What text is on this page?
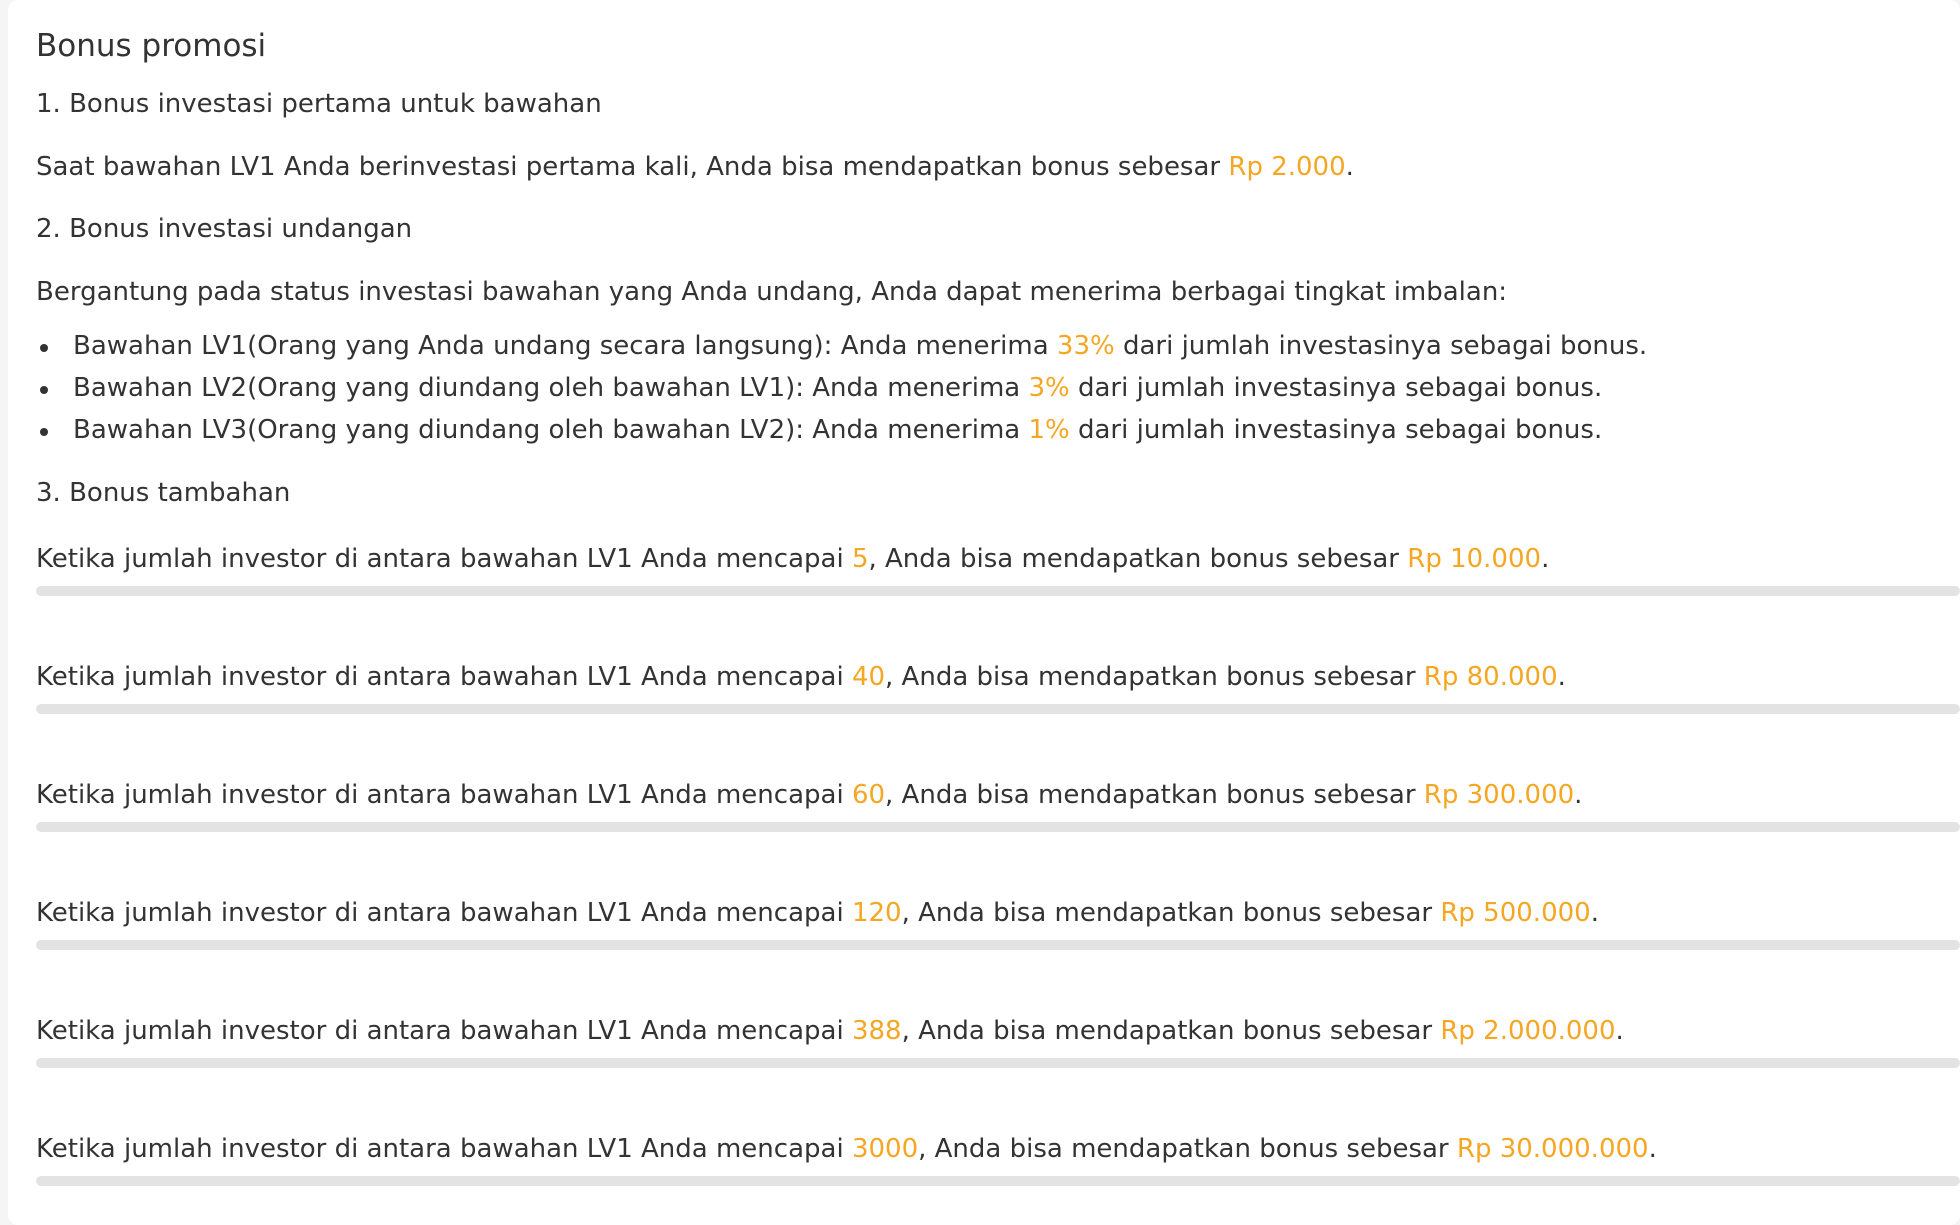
Bonus promosi
1. Bonus investasi pertama untuk bawahan
Saat bawahan LV1 Anda berinvestasi pertama kali, Anda bisa mendapatkan bonus sebesar Rp 2.000.
2. Bonus investasi undangan
Bergantung pada status investasi bawahan yang Anda undang, Anda dapat menerima berbagai tingkat imbalan:
Bawahan LV1(Orang yang Anda undang secara langsung): Anda menerima 33% dari jumlah investasinya sebagai bonus.
Bawahan LV2(Orang yang diundang oleh bawahan LV1): Anda menerima 3% dari jumlah investasinya sebagai bonus.
Bawahan LV3(Orang yang diundang oleh bawahan LV2): Anda menerima 1% dari jumlah investasinya sebagai bonus.
3. Bonus tambahan
Ketika jumlah investor di antara bawahan LV1 Anda mencapai 5, Anda bisa mendapatkan bonus sebesar Rp 10.000.
Ketika jumlah investor di antara bawahan LV1 Anda mencapai 40, Anda bisa mendapatkan bonus sebesar Rp 80.000.
Ketika jumlah investor di antara bawahan LV1 Anda mencapai 60, Anda bisa mendapatkan bonus sebesar Rp 300.000.
Ketika jumlah investor di antara bawahan LV1 Anda mencapai 120, Anda bisa mendapatkan bonus sebesar Rp 500.000.
Ketika jumlah investor di antara bawahan LV1 Anda mencapai 388, Anda bisa mendapatkan bonus sebesar Rp 2.000.000.
Ketika jumlah investor di antara bawahan LV1 Anda mencapai 3000, Anda bisa mendapatkan bonus sebesar Rp 30.000.000.
